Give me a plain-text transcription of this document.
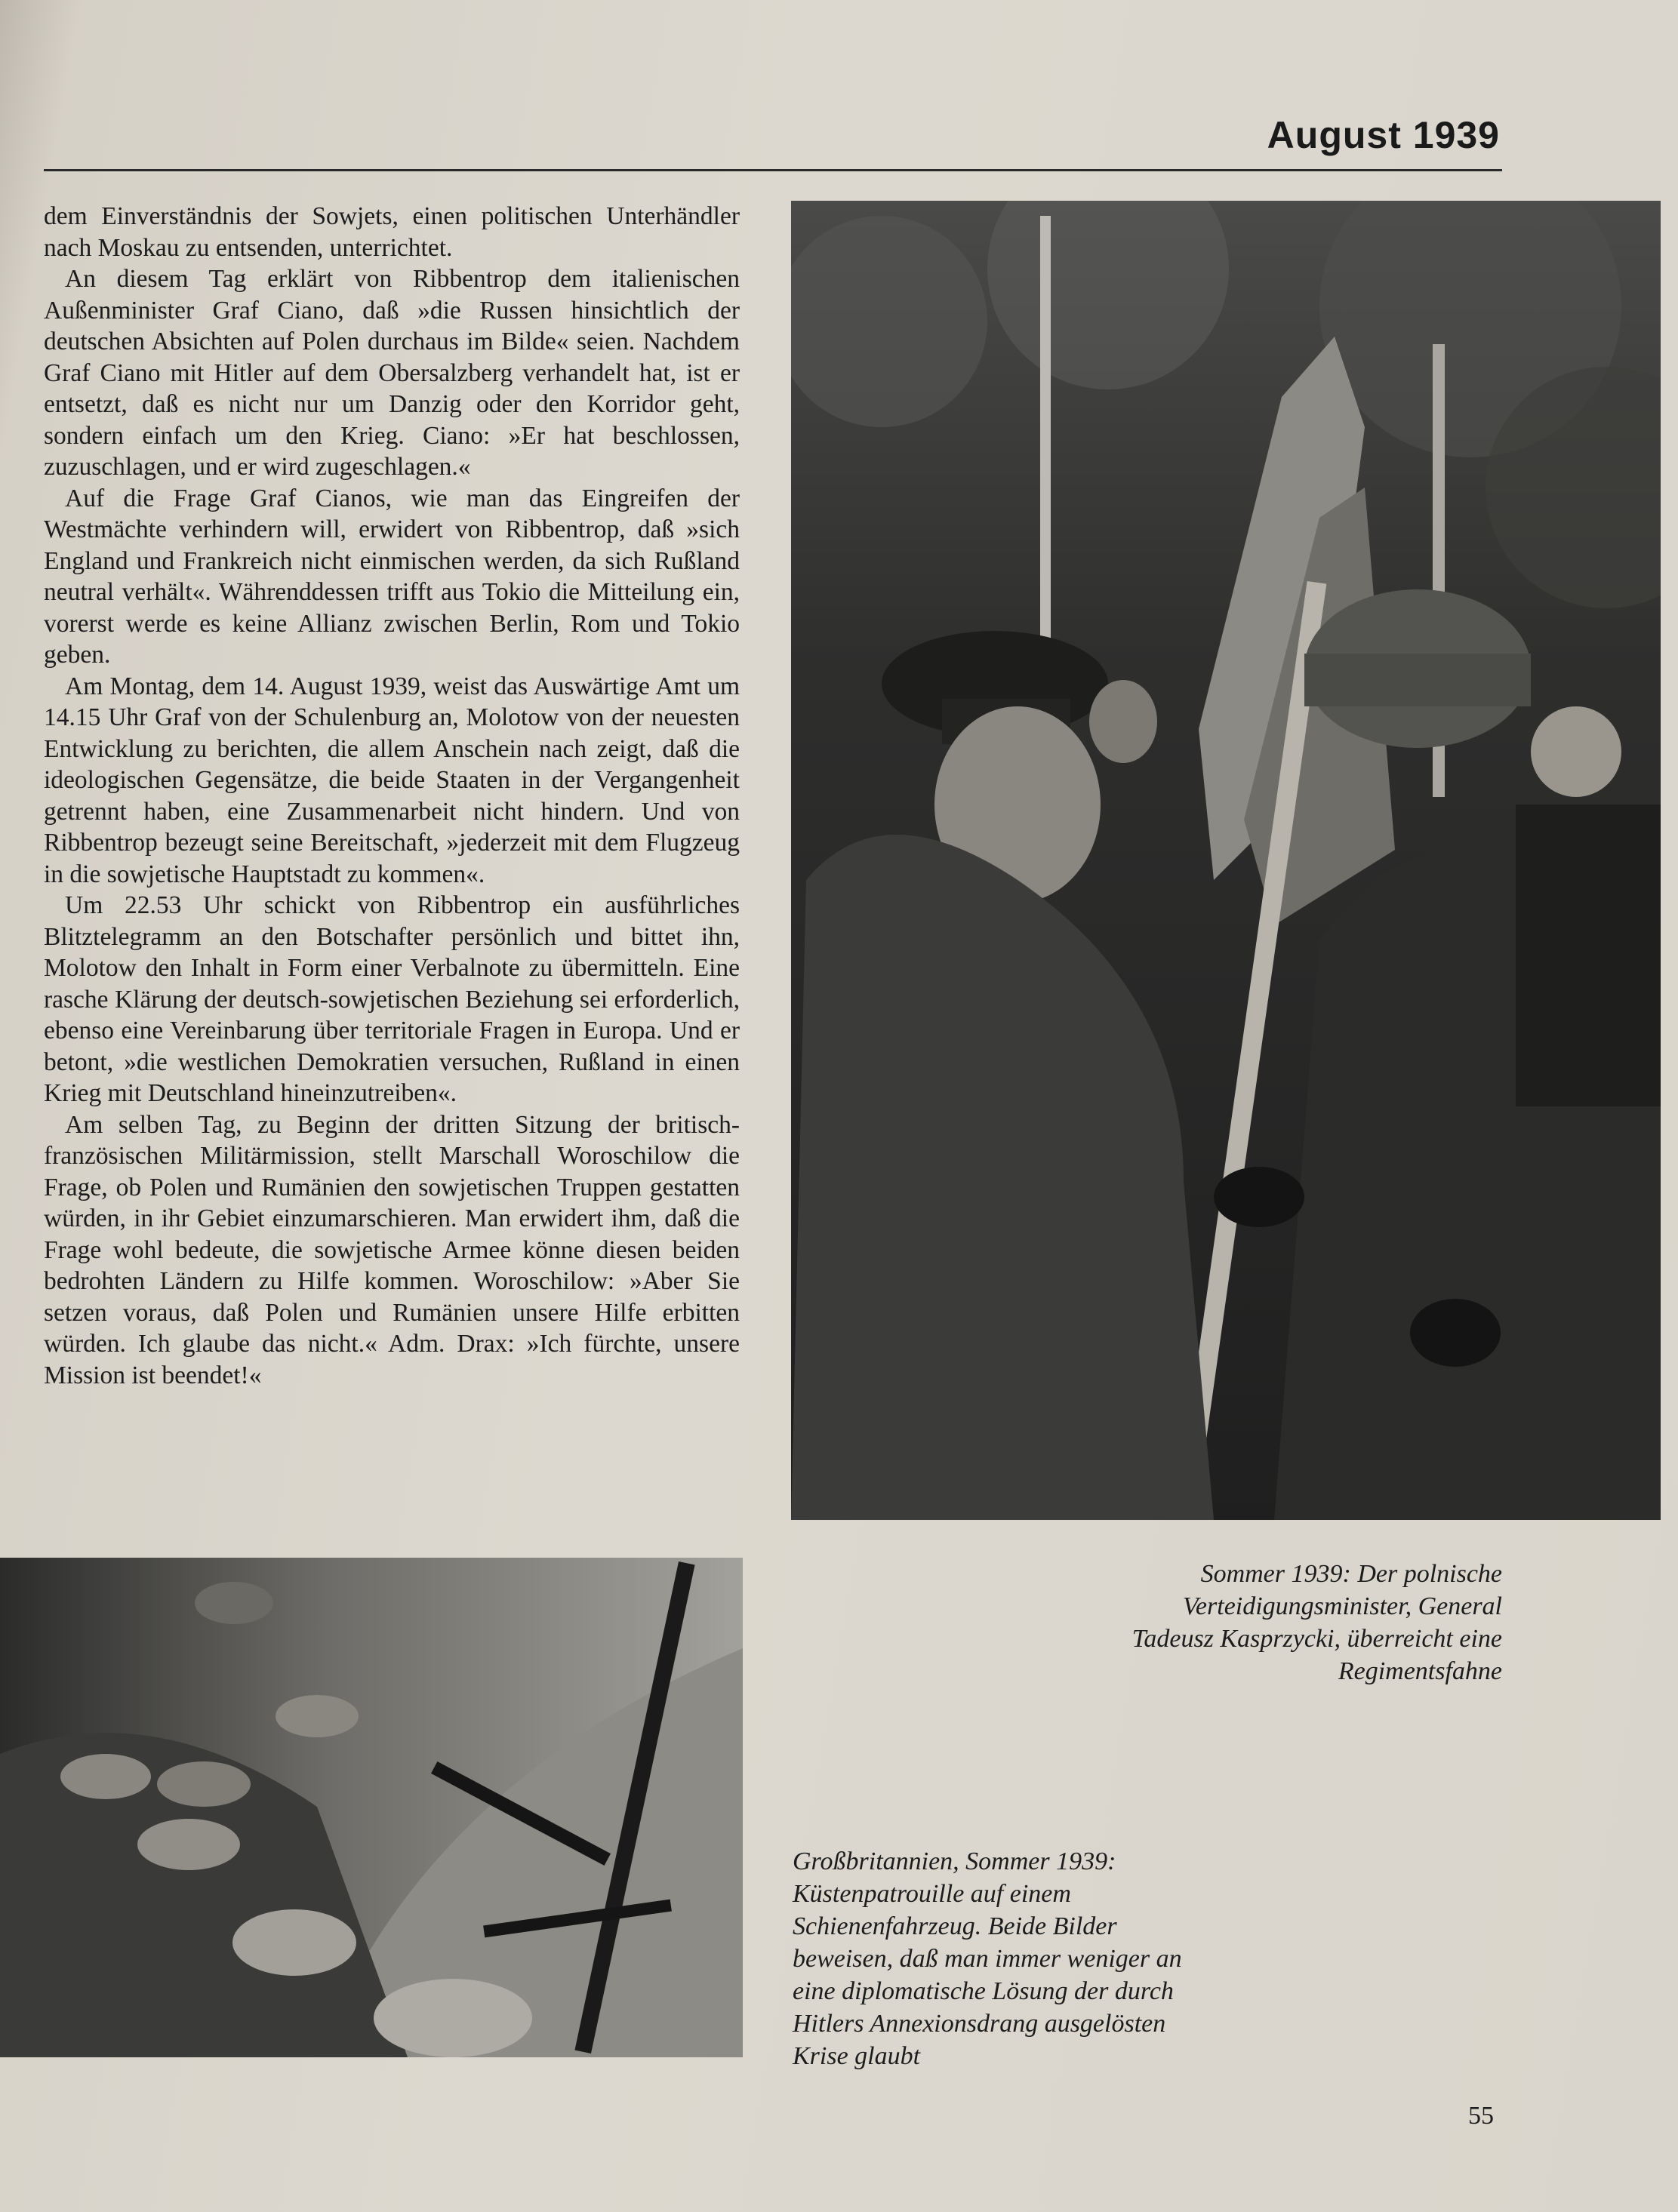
August 1939

dem Einverständnis der Sowjets, einen politischen Unterhändler nach Moskau zu entsenden, unterrichtet.

An diesem Tag erklärt von Ribbentrop dem italienischen Außenminister Graf Ciano, daß »die Russen hinsichtlich der deutschen Absichten auf Polen durchaus im Bilde« seien. Nachdem Graf Ciano mit Hitler auf dem Obersalzberg verhandelt hat, ist er entsetzt, daß es nicht nur um Danzig oder den Korridor geht, sondern einfach um den Krieg. Ciano: »Er hat beschlossen, zuzuschlagen, und er wird zugeschlagen.«

Auf die Frage Graf Cianos, wie man das Eingreifen der Westmächte verhindern will, erwidert von Ribbentrop, daß »sich England und Frankreich nicht einmischen werden, da sich Rußland neutral verhält«. Währenddessen trifft aus Tokio die Mitteilung ein, vorerst werde es keine Allianz zwischen Berlin, Rom und Tokio geben.

Am Montag, dem 14. August 1939, weist das Auswärtige Amt um 14.15 Uhr Graf von der Schulenburg an, Molotow von der neuesten Entwicklung zu berichten, die allem Anschein nach zeigt, daß die ideologischen Gegensätze, die beide Staaten in der Vergangenheit getrennt haben, eine Zusammenarbeit nicht hindern. Und von Ribbentrop bezeugt seine Bereitschaft, »jederzeit mit dem Flugzeug in die sowjetische Hauptstadt zu kommen«.

Um 22.53 Uhr schickt von Ribbentrop ein ausführliches Blitztelegramm an den Botschafter persönlich und bittet ihn, Molotow den Inhalt in Form einer Verbalnote zu übermitteln. Eine rasche Klärung der deutsch-sowjetischen Beziehung sei erforderlich, ebenso eine Vereinbarung über territoriale Fragen in Europa. Und er betont, »die westlichen Demokratien versuchen, Rußland in einen Krieg mit Deutschland hineinzutreiben«.

Am selben Tag, zu Beginn der dritten Sitzung der britisch-französischen Militärmission, stellt Marschall Woroschilow die Frage, ob Polen und Rumänien den sowjetischen Truppen gestatten würden, in ihr Gebiet einzumarschieren. Man erwidert ihm, daß die Frage wohl bedeute, die sowjetische Armee könne diesen beiden bedrohten Ländern zu Hilfe kommen. Woroschilow: »Aber Sie setzen voraus, daß Polen und Rumänien unsere Hilfe erbitten würden. Ich glaube das nicht.« Adm. Drax: »Ich fürchte, unsere Mission ist beendet!«

Sommer 1939: Der polnische
Verteidigungsminister, General
Tadeusz Kasprzycki, überreicht eine
Regimentsfahne
Großbritannien, Sommer 1939:
Küstenpatrouille auf einem
Schienenfahrzeug. Beide Bilder
beweisen, daß man immer weniger an
eine diplomatische Lösung der durch
Hitlers Annexionsdrang ausgelösten
Krise glaubt
55
